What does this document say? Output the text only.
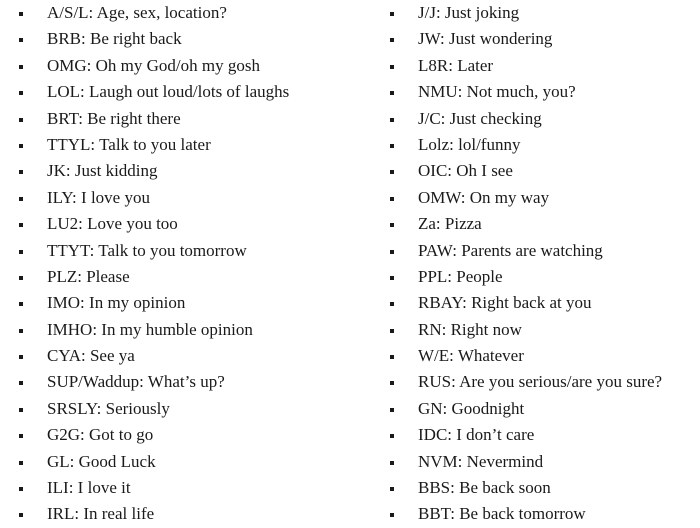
A/S/L: Age, sex, location?
BRB: Be right back
OMG: Oh my God/oh my gosh
LOL: Laugh out loud/lots of laughs
BRT: Be right there
TTYL: Talk to you later
JK: Just kidding
ILY: I love you
LU2: Love you too
TTYT: Talk to you tomorrow
PLZ: Please
IMO: In my opinion
IMHO: In my humble opinion
CYA: See ya
SUP/Waddup: What’s up?
SRSLY: Seriously
G2G: Got to go
GL: Good Luck
ILI: I love it
IRL: In real life
J/J: Just joking
JW: Just wondering
L8R: Later
NMU: Not much, you?
J/C: Just checking
Lolz: lol/funny
OIC: Oh I see
OMW: On my way
Za: Pizza
PAW: Parents are watching
PPL: People
RBAY: Right back at you
RN: Right now
W/E: Whatever
RUS: Are you serious/are you sure?
GN: Goodnight
IDC: I don’t care
NVM: Nevermind
BBS: Be back soon
BBT: Be back tomorrow
